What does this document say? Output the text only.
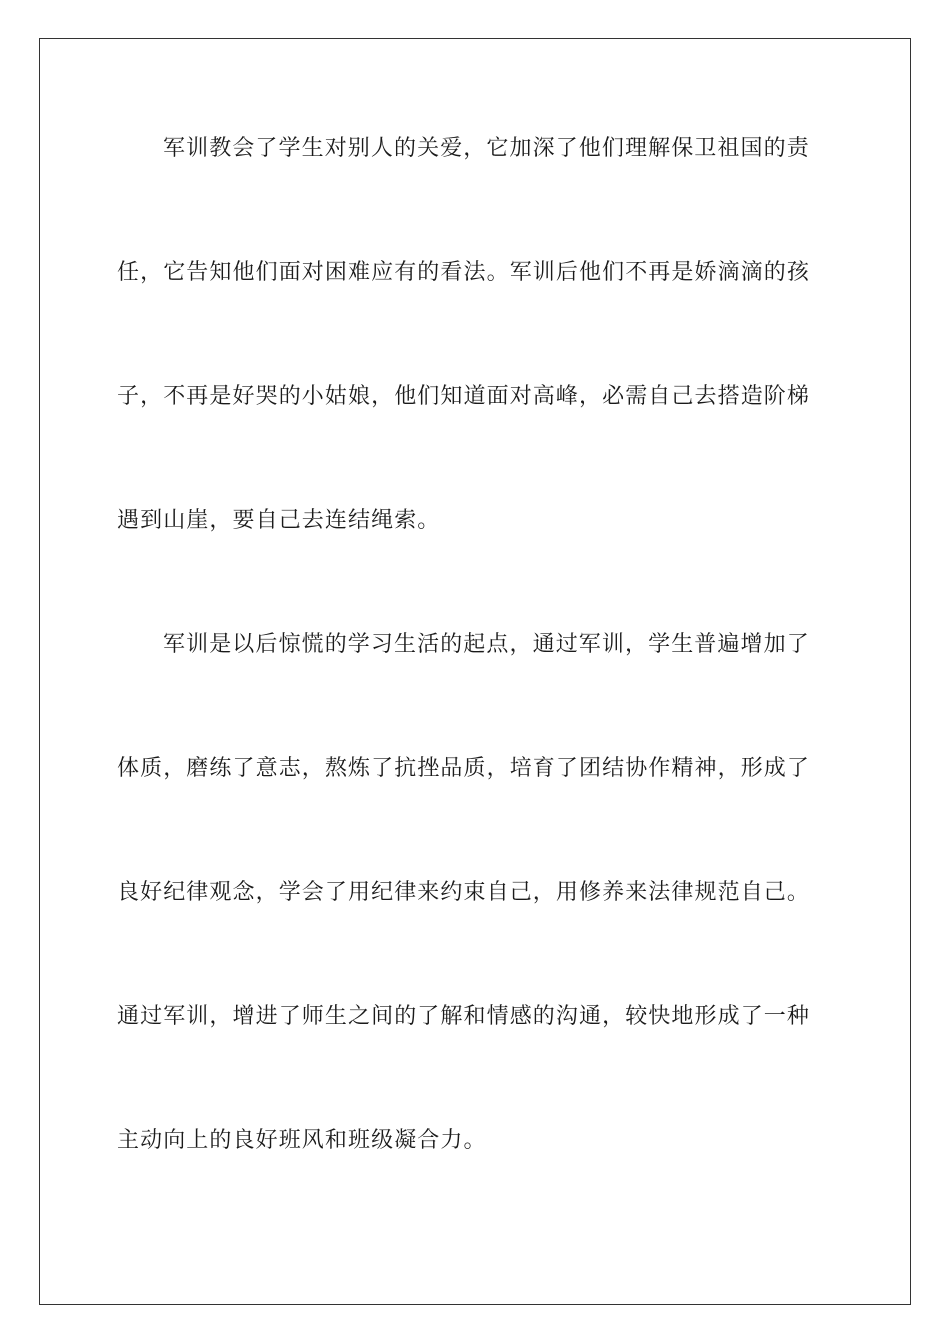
军训教会了学生对别人的关爱，它加深了他们理解保卫祖国的责
任，它告知他们面对困难应有的看法。军训后他们不再是娇滴滴的孩
子，不再是好哭的小姑娘，他们知道面对高峰，必需自己去搭造阶梯
遇到山崖，要自己去连结绳索。
军训是以后惊慌的学习生活的起点，通过军训，学生普遍增加了
体质，磨练了意志，熬炼了抗挫品质，培育了团结协作精神，形成了
良好纪律观念，学会了用纪律来约束自己，用修养来法律规范自己。
通过军训，增进了师生之间的了解和情感的沟通，较快地形成了一种
主动向上的良好班风和班级凝合力。
